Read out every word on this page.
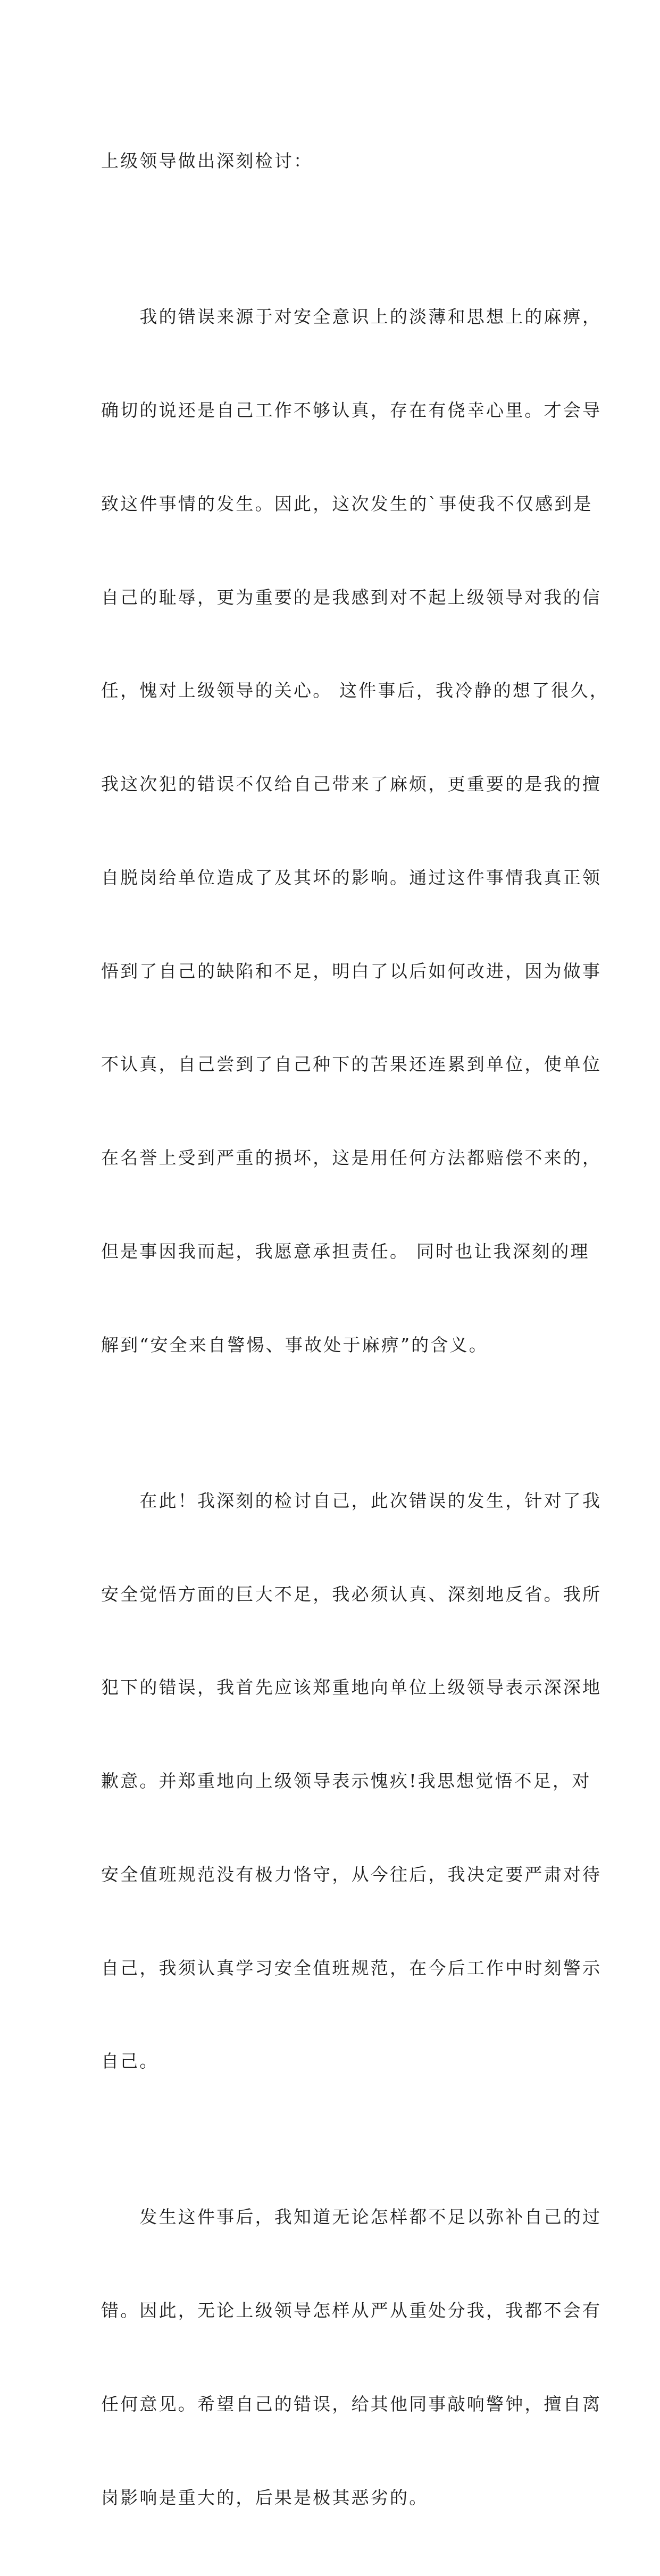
上级领导做出深刻检讨：

　　我的错误来源于对安全意识上的淡薄和思想上的麻痹，

确切的说还是自己工作不够认真，存在有侥幸心里。才会导

致这件事情的发生。因此，这次发生的`事使我不仅感到是

自己的耻辱，更为重要的是我感到对不起上级领导对我的信

任，愧对上级领导的关心。 这件事后，我冷静的想了很久，

我这次犯的错误不仅给自己带来了麻烦，更重要的是我的擅

自脱岗给单位造成了及其坏的影响。通过这件事情我真正领

悟到了自己的缺陷和不足，明白了以后如何改进，因为做事

不认真，自己尝到了自己种下的苦果还连累到单位，使单位

在名誉上受到严重的损坏，这是用任何方法都赔偿不来的，

但是事因我而起，我愿意承担责任。 同时也让我深刻的理

解到“安全来自警惕、事故处于麻痹”的含义。

　　在此！我深刻的检讨自己，此次错误的发生，针对了我

安全觉悟方面的巨大不足，我必须认真、深刻地反省。我所

犯下的错误，我首先应该郑重地向单位上级领导表示深深地

歉意。并郑重地向上级领导表示愧疚!我思想觉悟不足，对

安全值班规范没有极力恪守，从今往后，我决定要严肃对待

自己，我须认真学习安全值班规范，在今后工作中时刻警示

自己。

　　发生这件事后，我知道无论怎样都不足以弥补自己的过

错。因此，无论上级领导怎样从严从重处分我，我都不会有

任何意见。希望自己的错误，给其他同事敲响警钟，擅自离

岗影响是重大的，后果是极其恶劣的。
